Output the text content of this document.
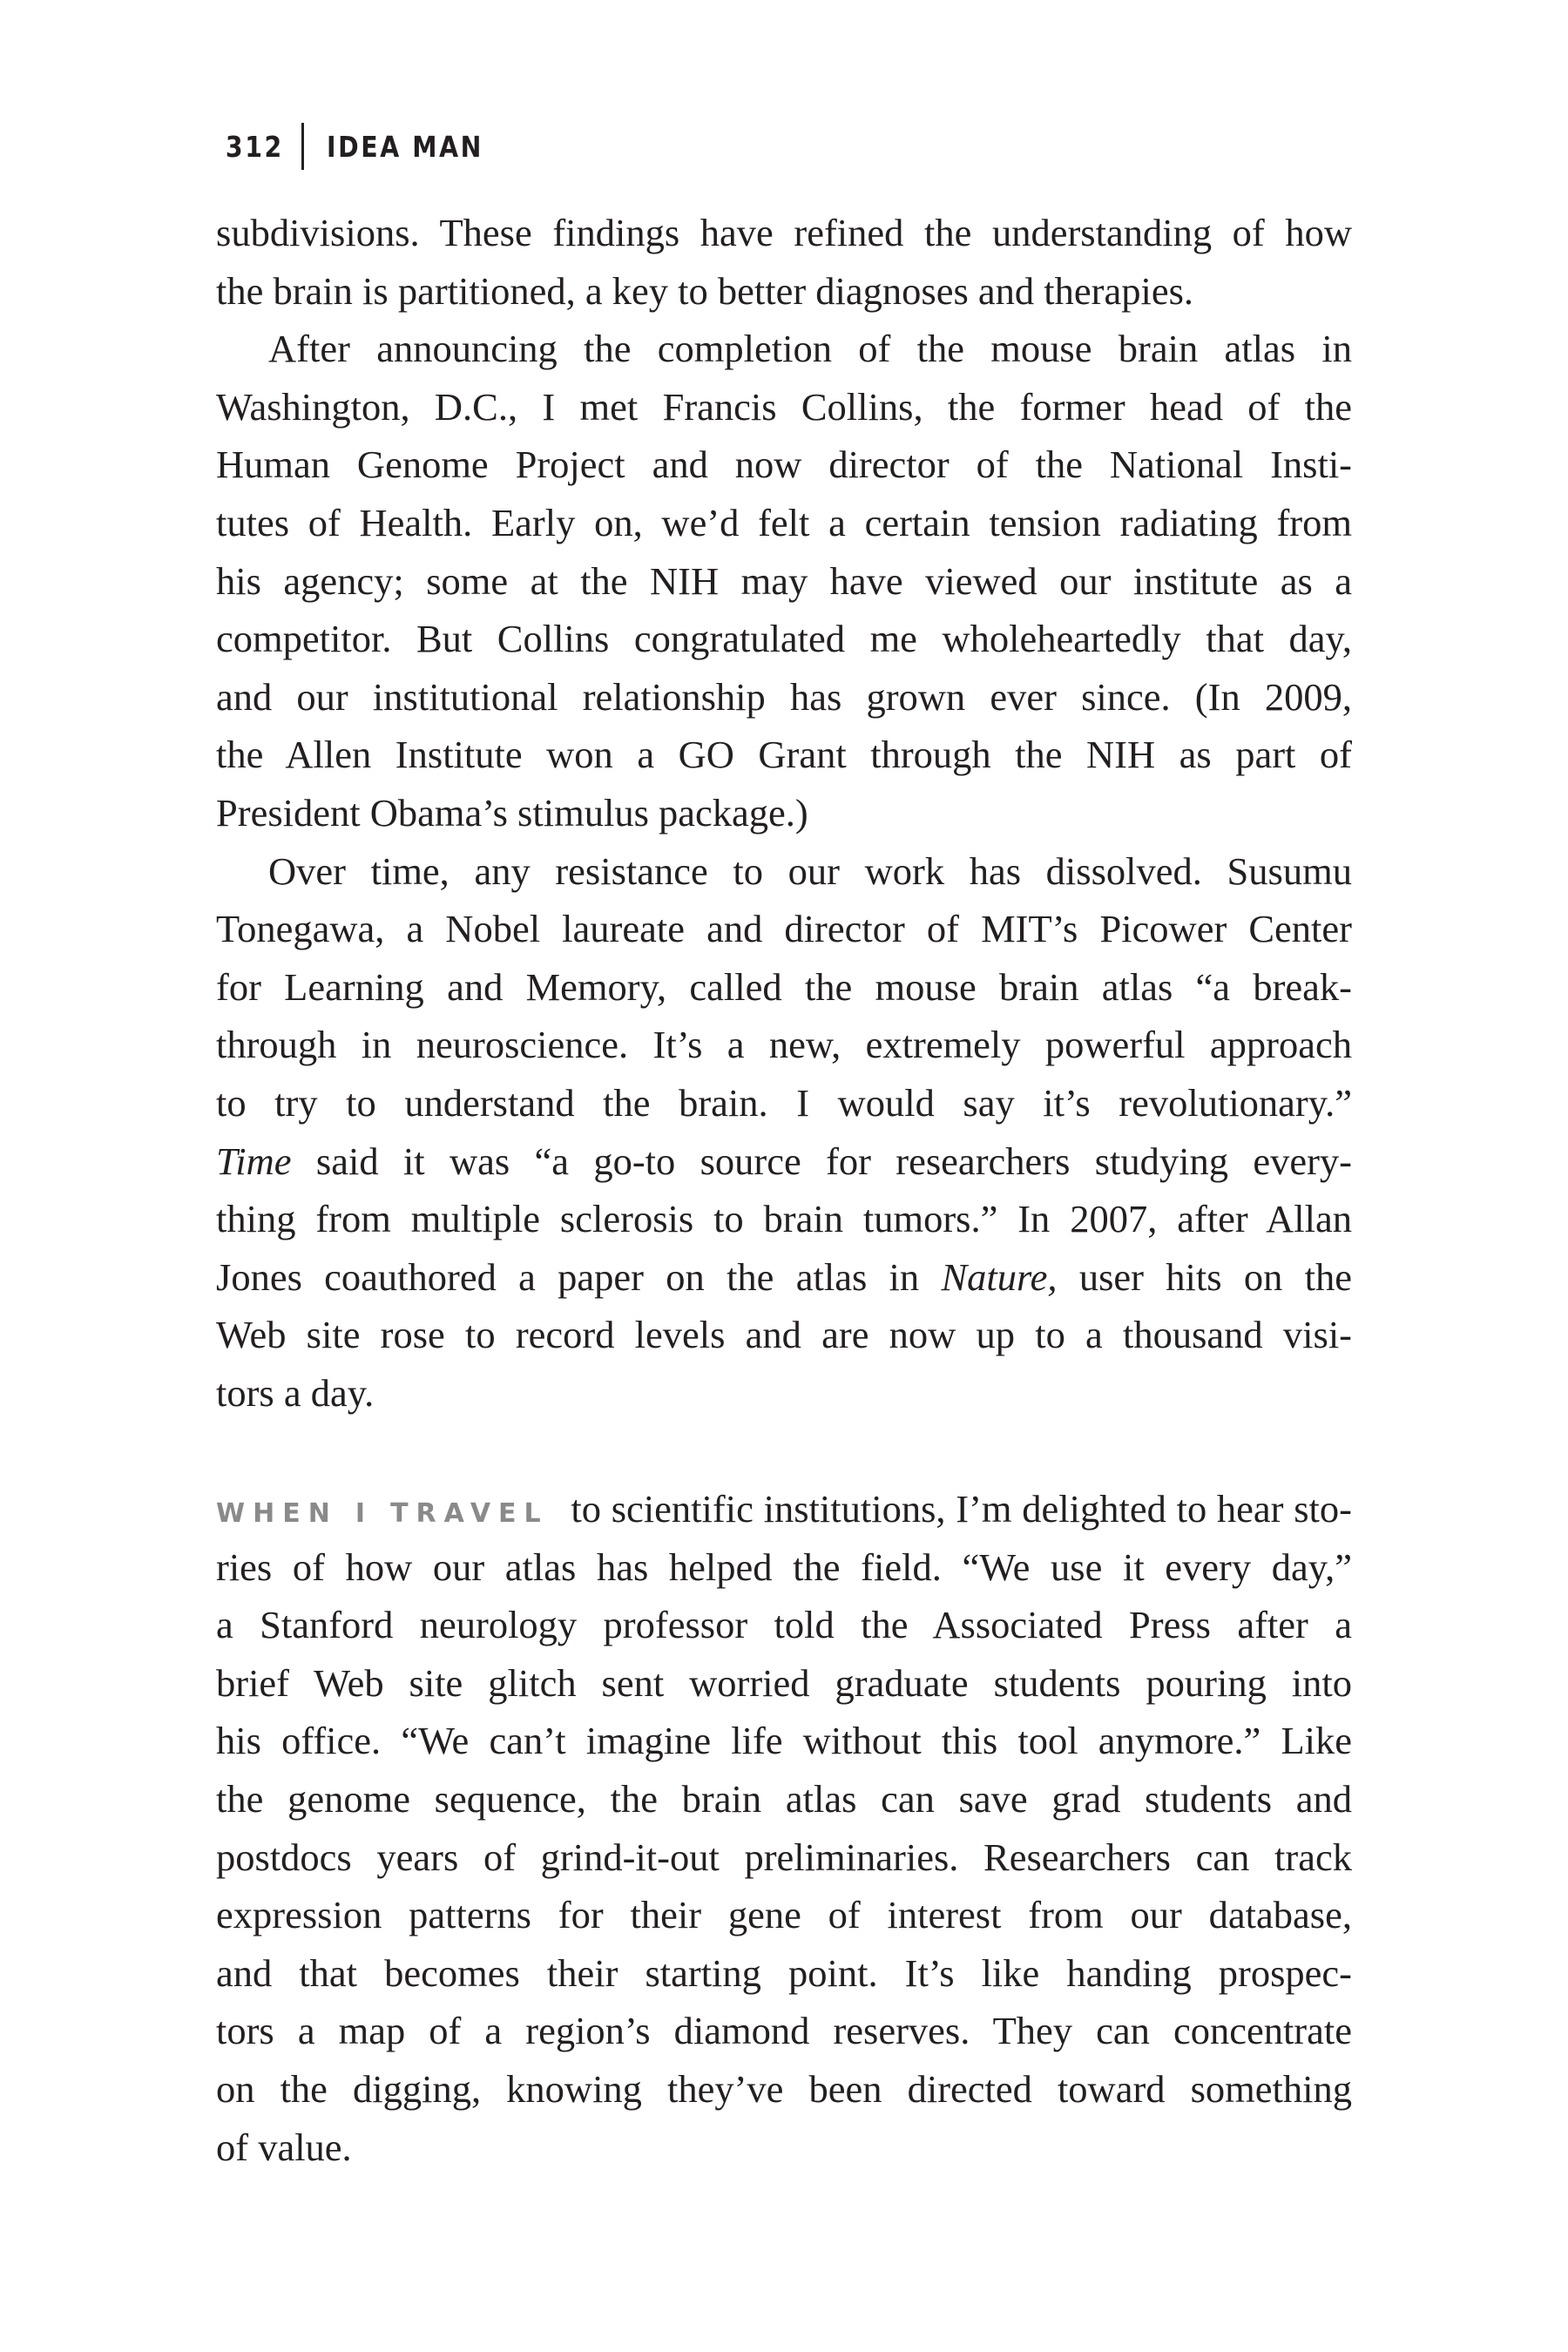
312 IDEA MAN
subdivisions. These findings have refined the understanding of how
the brain is partitioned, a key to better diagnoses and therapies.
After announcing the completion of the mouse brain atlas in
Washington, D.C., I met Francis Collins, the former head of the
Human Genome Project and now director of the National Insti-
tutes of Health. Early on, we’d felt a certain tension radiating from
his agency; some at the NIH may have viewed our institute as a
competitor. But Collins congratulated me wholeheartedly that day,
and our institutional relationship has grown ever since. (In 2009,
the Allen Institute won a GO Grant through the NIH as part of
President Obama’s stimulus package.)
Over time, any resistance to our work has dissolved. Susumu
Tonegawa, a Nobel laureate and director of MIT’s Picower Center
for Learning and Memory, called the mouse brain atlas “a break-
through in neuroscience. It’s a new, extremely powerful approach
to try to understand the brain. I would say it’s revolutionary.”
Time said it was “a go-to source for researchers studying every-
thing from multiple sclerosis to brain tumors.” In 2007, after Allan
Jones coauthored a paper on the atlas in Nature, user hits on the
Web site rose to record levels and are now up to a thousand visi-
tors a day.
WHEN I TRAVEL to scientific institutions, I’m delighted to hear sto-
ries of how our atlas has helped the field. “We use it every day,”
a Stanford neurology professor told the Associated Press after a
brief Web site glitch sent worried graduate students pouring into
his office. “We can’t imagine life without this tool anymore.” Like
the genome sequence, the brain atlas can save grad students and
postdocs years of grind-it-out preliminaries. Researchers can track
expression patterns for their gene of interest from our database,
and that becomes their starting point. It’s like handing prospec-
tors a map of a region’s diamond reserves. They can concentrate
on the digging, knowing they’ve been directed toward something
of value.
